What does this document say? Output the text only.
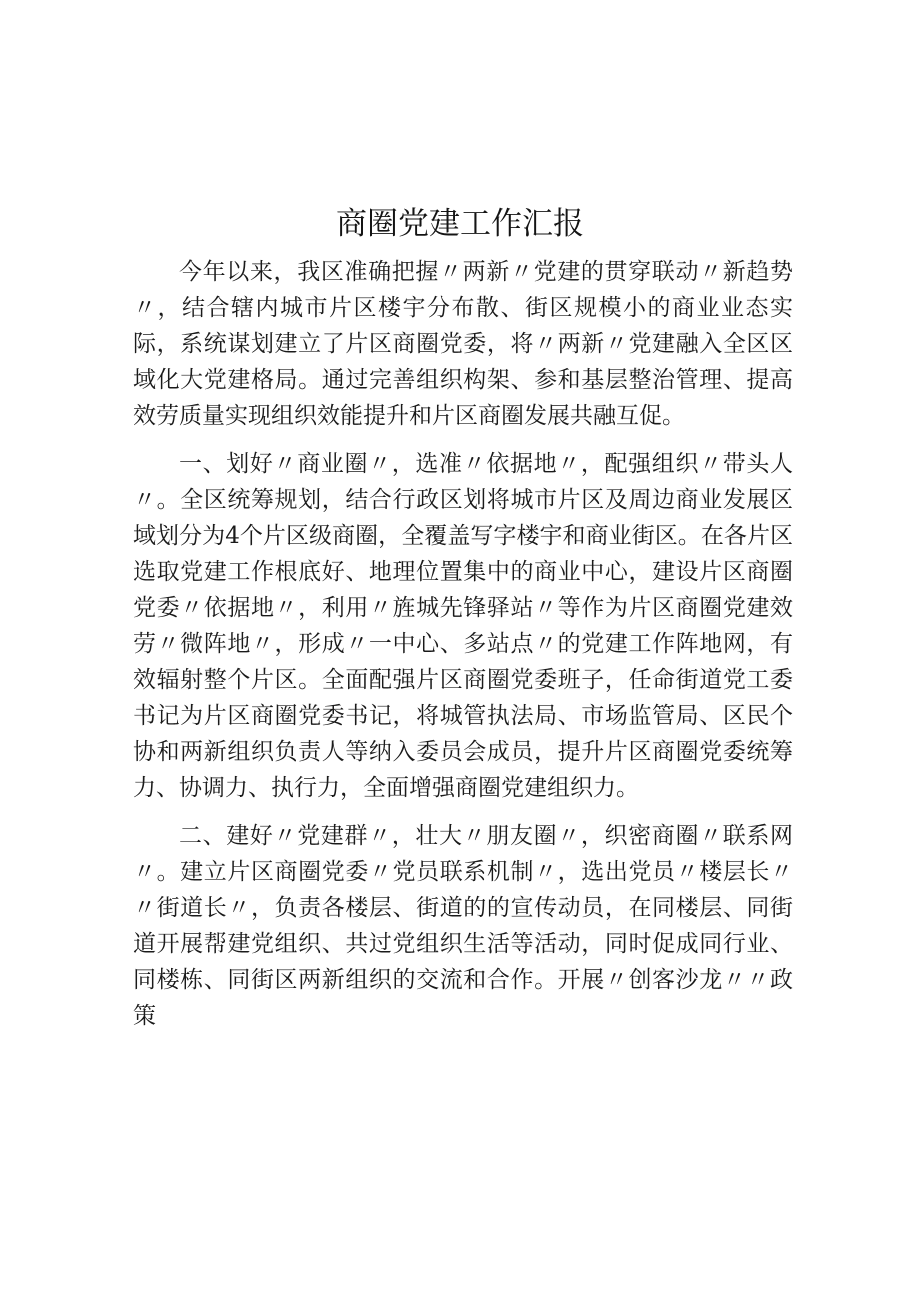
商圈党建工作汇报

今年以来，我区准确把握〃两新〃党建的贯穿联动〃新趋势〃，结合辖内城市片区楼宇分布散、街区规模小的商业业态实际，系统谋划建立了片区商圈党委，将〃两新〃党建融入全区区域化大党建格局。通过完善组织构架、参和基层整治管理、提高效劳质量实现组织效能提升和片区商圈发展共融互促。

一、划好〃商业圈〃，选准〃依据地〃，配强组织〃带头人〃。全区统筹规划，结合行政区划将城市片区及周边商业发展区域划分为4个片区级商圈，全覆盖写字楼宇和商业街区。在各片区选取党建工作根底好、地理位置集中的商业中心，建设片区商圈党委〃依据地〃，利用〃旌城先锋驿站〃等作为片区商圈党建效劳〃微阵地〃，形成〃一中心、多站点〃的党建工作阵地网，有效辐射整个片区。全面配强片区商圈党委班子，任命街道党工委书记为片区商圈党委书记，将城管执法局、市场监管局、区民个协和两新组织负责人等纳入委员会成员，提升片区商圈党委统筹力、协调力、执行力，全面增强商圈党建组织力。

二、建好〃党建群〃，壮大〃朋友圈〃，织密商圈〃联系网〃。建立片区商圈党委〃党员联系机制〃，选出党员〃楼层长〃〃街道长〃，负责各楼层、街道的的宣传动员，在同楼层、同街道开展帮建党组织、共过党组织生活等活动，同时促成同行业、同楼栋、同街区两新组织的交流和合作。开展〃创客沙龙〃〃政策
